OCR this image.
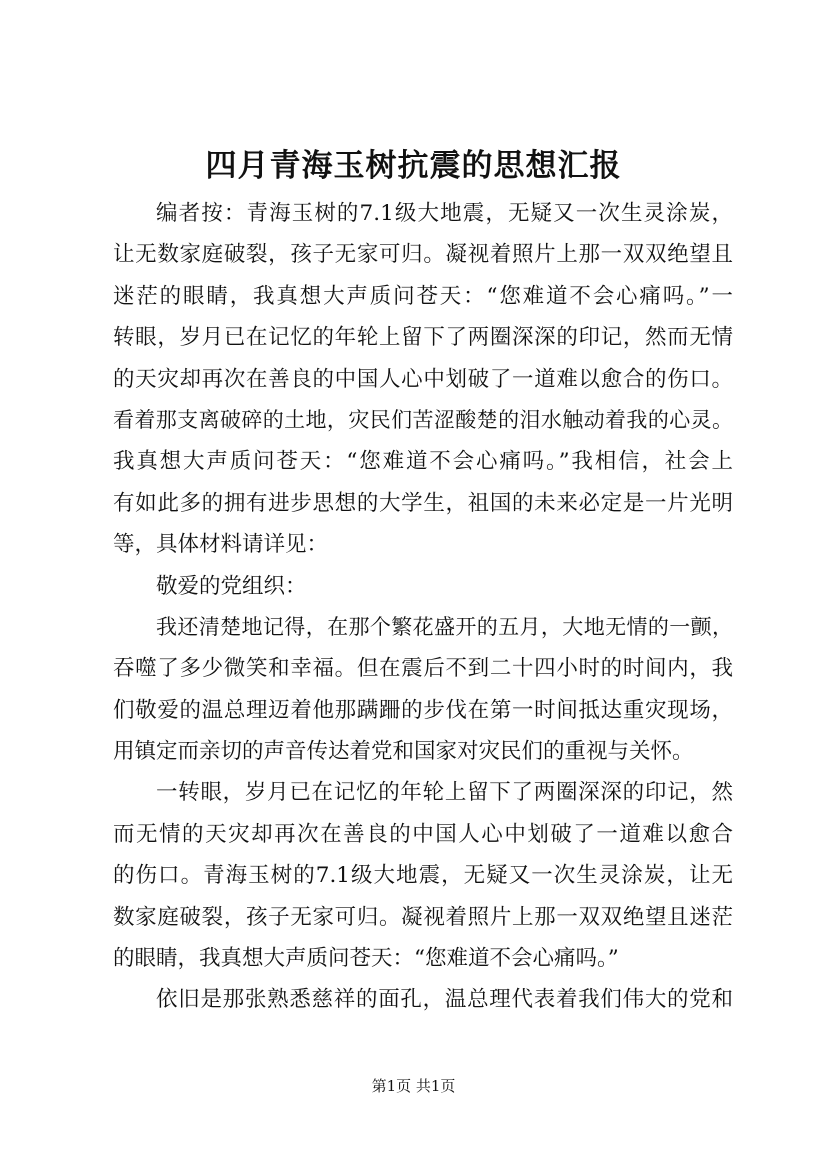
四月青海玉树抗震的思想汇报
编者按：青海玉树的7.1级大地震，无疑又一次生灵涂炭，
让无数家庭破裂，孩子无家可归。凝视着照片上那一双双绝望且
迷茫的眼睛，我真想大声质问苍天：“您难道不会心痛吗。”一
转眼，岁月已在记忆的年轮上留下了两圈深深的印记，然而无情
的天灾却再次在善良的中国人心中划破了一道难以愈合的伤口。
看着那支离破碎的土地，灾民们苦涩酸楚的泪水触动着我的心灵。
我真想大声质问苍天：“您难道不会心痛吗。”我相信，社会上
有如此多的拥有进步思想的大学生，祖国的未来必定是一片光明
等，具体材料请详见：
敬爱的党组织：
我还清楚地记得，在那个繁花盛开的五月，大地无情的一颤，
吞噬了多少微笑和幸福。但在震后不到二十四小时的时间内，我
们敬爱的温总理迈着他那蹒跚的步伐在第一时间抵达重灾现场，
用镇定而亲切的声音传达着党和国家对灾民们的重视与关怀。
一转眼，岁月已在记忆的年轮上留下了两圈深深的印记，然
而无情的天灾却再次在善良的中国人心中划破了一道难以愈合
的伤口。青海玉树的7.1级大地震，无疑又一次生灵涂炭，让无
数家庭破裂，孩子无家可归。凝视着照片上那一双双绝望且迷茫
的眼睛，我真想大声质问苍天：“您难道不会心痛吗。”
依旧是那张熟悉慈祥的面孔，温总理代表着我们伟大的党和
第1页 共1页
